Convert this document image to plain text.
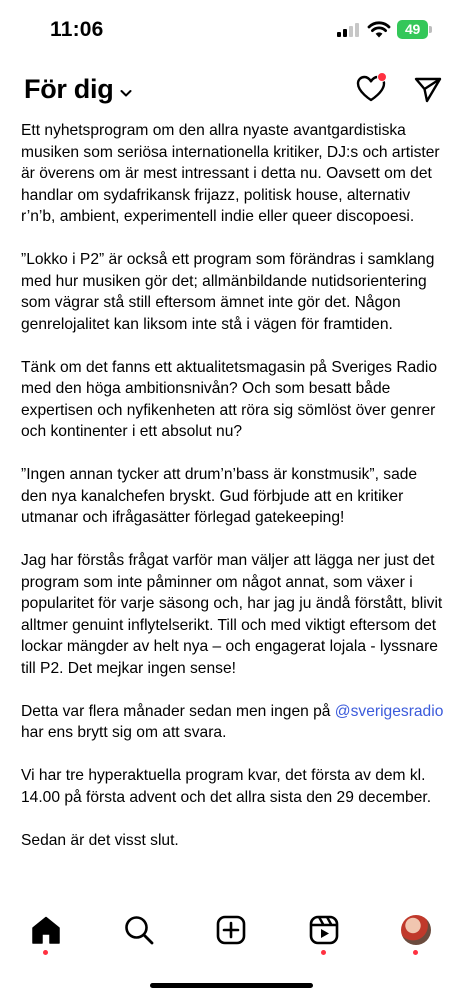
11:06	49
För dig

Ett nyhetsprogram om den allra nyaste avantgardistiska musiken som seriösa internationella kritiker, DJ:s och artister är överens om är mest intressant i detta nu. Oavsett om det handlar om sydafrikansk frijazz, politisk house, alternativ r’n’b, ambient, experimentell indie eller queer discopoesi.

”Lokko i P2” är också ett program som förändras i samklang med hur musiken gör det; allmänbildande nutidsorientering som vägrar stå still eftersom ämnet inte gör det. Någon genrelojalitet kan liksom inte stå i vägen för framtiden.

Tänk om det fanns ett aktualitetsmagasin på Sveriges Radio med den höga ambitionsnivån? Och som besatt både expertisen och nyfikenheten att röra sig sömlöst över genrer och kontinenter i ett absolut nu?

”Ingen annan tycker att drum’n’bass är konstmusik”, sade den nya kanalchefen bryskt. Gud förbjude att en kritiker utmanar och ifrågasätter förlegad gatekeeping!

Jag har förstås frågat varför man väljer att lägga ner just det program som inte påminner om något annat, som växer i popularitet för varje säsong och, har jag ju ändå förstått, blivit alltmer genuint inflytelserikt. Till och med viktigt eftersom det lockar mängder av helt nya – och engagerat lojala - lyssnare till P2. Det mejkar ingen sense!

Detta var flera månader sedan men ingen på @sverigesradio har ens brytt sig om att svara.

Vi har tre hyperaktuella program kvar, det första av dem kl. 14.00 på första advent och det allra sista den 29 december.

Sedan är det visst slut.
